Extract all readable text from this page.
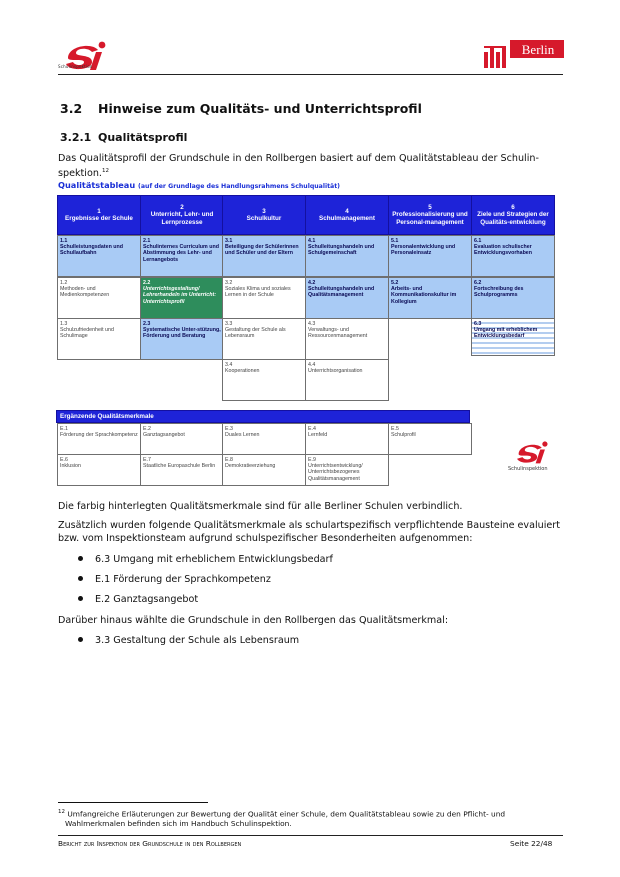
Schulinspektion
Berlin
3.2 Hinweise zum Qualitäts- und Unterrichtsprofil
3.2.1 Qualitätsprofil
Das Qualitätsprofil der Grundschule in den Rollbergen basiert auf dem Qualitätstableau der Schulin-
spektion.$^{12}$
Qualitätstableau (auf der Grundlage des Handlungsrahmens Schulqualität)
1
Ergebnisse der Schule
2
Unterricht, Lehr- und Lernprozesse
3
Schulkultur
4
Schulmanagement
5
Professionalisierung und Personal-management
6
Ziele und Strategien der Qualitäts-entwicklung
1.1
Schulleistungsdaten und Schullaufbahn
2.1
Schulinternes Curriculum und Abstimmung des Lehr- und Lernangebots
3.1
Beteiligung der Schülerinnen und Schüler und der Eltern
4.1
Schulleitungshandeln und Schulgemeinschaft
5.1
Personalentwicklung und Personaleinsatz
6.1
Evaluation schulischer Entwicklungsvorhaben
1.2
Methoden- und Medienkompetenzen
2.2
Unterrichtsgestaltung/ Lehrerhandeln im Unterricht: Unterrichtsprofil
3.2
Soziales Klima und soziales Lernen in der Schule
4.2
Schulleitungshandeln und Qualitätsmanagement
5.2
Arbeits- und Kommunikationskultur im Kollegium
6.2
Fortschreibung des Schulprogramms
1.3
Schulzufriedenheit und Schulimage
2.3
Systematische Unter-stützung, Förderung und Beratung
3.3
Gestaltung der Schule als Lebensraum
4.3
Verwaltungs- und Ressourcenmanagement
6.3
Umgang mit erheblichem Entwicklungsbedarf
3.4
Kooperationen
4.4
Unterrichtsorganisation
Ergänzende Qualitätsmerkmale
E.1
Förderung der Sprachkompetenz
E.2
Ganztagsangebot
E.3
Duales Lernen
E.4
Lernfeld
E.5
Schulprofil
E.6
Inklusion
E.7
Staatliche Europaschule Berlin
E.8
Demokratieerziehung
E.9
Unterrichtsentwicklung/ Unterrichtsbezogenes Qualitätsmanagement
Schulinspektion
Die farbig hinterlegten Qualitätsmerkmale sind für alle Berliner Schulen verbindlich.
Zusätzlich wurden folgende Qualitätsmerkmale als schulartspezifisch verpflichtende Bausteine evaluiert
bzw. vom Inspektionsteam aufgrund schulspezifischer Besonderheiten aufgenommen:
6.3 Umgang mit erheblichem Entwicklungsbedarf
E.1 Förderung der Sprachkompetenz
E.2 Ganztagsangebot
Darüber hinaus wählte die Grundschule in den Rollbergen das Qualitätsmerkmal:
3.3 Gestaltung der Schule als Lebensraum
$^{12}$ Umfangreiche Erläuterungen zur Bewertung der Qualität einer Schule, dem Qualitätstableau sowie zu den Pflicht- und
Wahlmerkmalen befinden sich im Handbuch Schulinspektion.
Bericht zur Inspektion der Grundschule in den Rollbergen	Seite 22/48
